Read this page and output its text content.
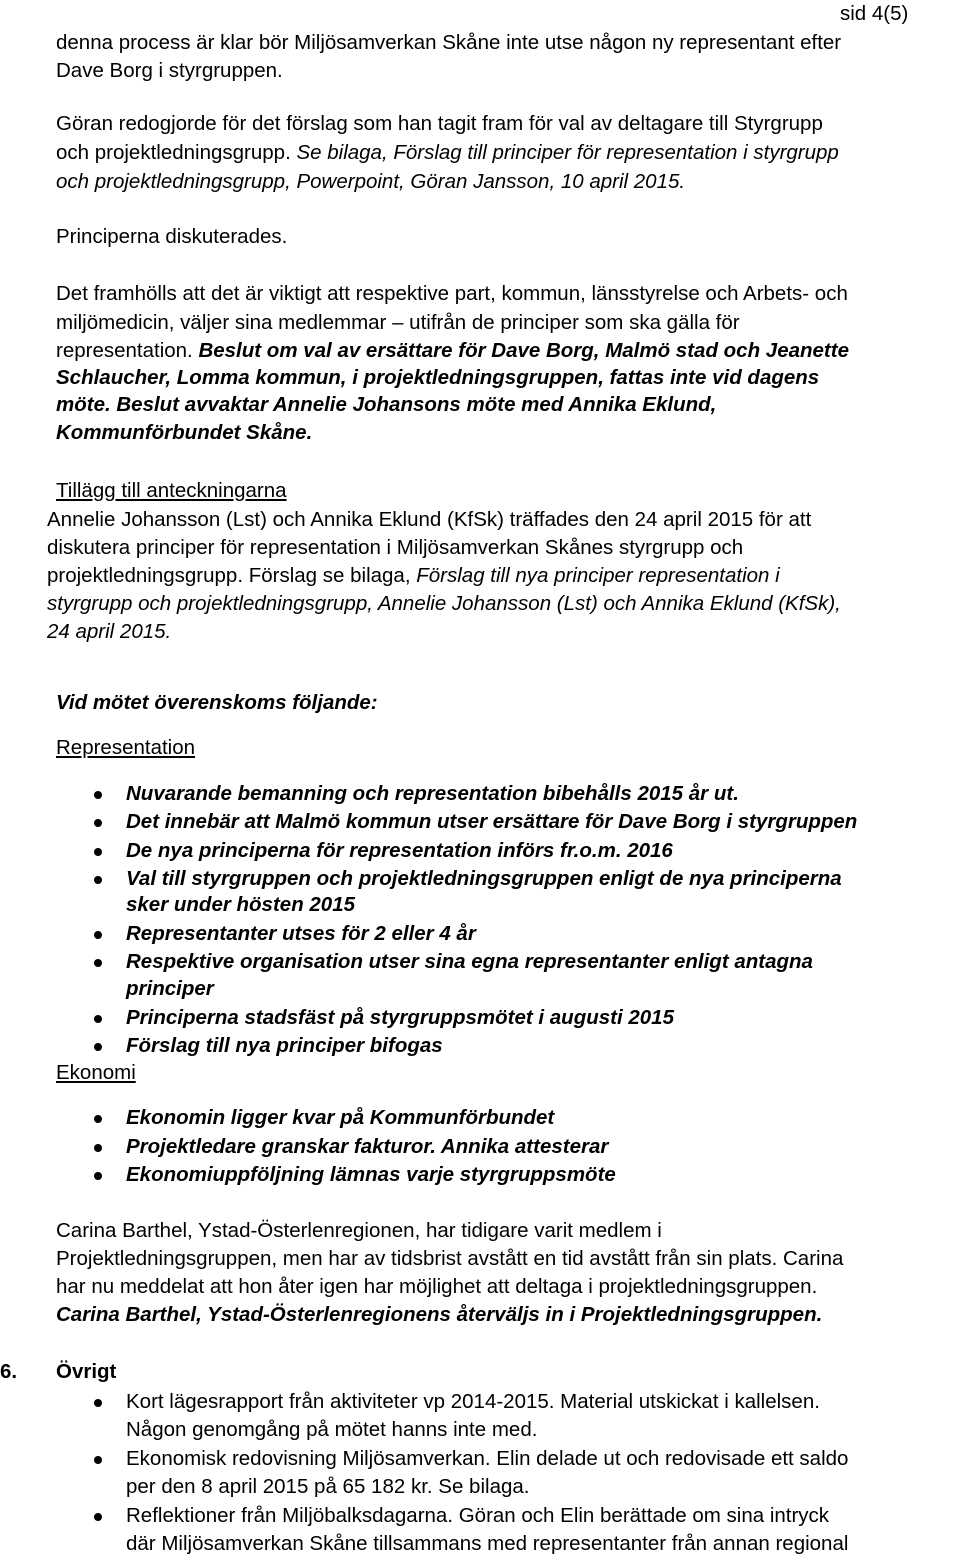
sid 4(5)
denna process är klar bör Miljösamverkan Skåne inte utse någon ny representant efter
Dave Borg i styrgruppen.
Göran redogjorde för det förslag som han tagit fram för val av deltagare till Styrgrupp
och projektledningsgrupp. Se bilaga, Förslag till principer för representation i styrgrupp
och projektledningsgrupp, Powerpoint, Göran Jansson, 10 april 2015.
Principerna diskuterades.
Det framhölls att det är viktigt att respektive part, kommun, länsstyrelse och Arbets- och
miljömedicin, väljer sina medlemmar – utifrån de principer som ska gälla för
representation. Beslut om val av ersättare för Dave Borg, Malmö stad och Jeanette
Schlaucher, Lomma kommun, i projektledningsgruppen, fattas inte vid dagens
möte. Beslut avvaktar Annelie Johansons möte med Annika Eklund,
Kommunförbundet Skåne.
Tillägg till anteckningarna
Annelie Johansson (Lst) och Annika Eklund (KfSk) träffades den 24 april 2015 för att
diskutera principer för representation i Miljösamverkan Skånes styrgrupp och
projektledningsgrupp. Förslag se bilaga, Förslag till nya principer representation i
styrgrupp och projektledningsgrupp, Annelie Johansson (Lst) och Annika Eklund (KfSk),
24 april 2015.
Vid mötet överenskoms följande:
Representation
Nuvarande bemanning och representation bibehålls 2015 år ut.
Det innebär att Malmö kommun utser ersättare för Dave Borg i styrgruppen
De nya principerna för representation införs fr.o.m. 2016
Val till styrgruppen och projektledningsgruppen enligt de nya principerna
sker under hösten 2015
Representanter utses för 2 eller 4 år
Respektive organisation utser sina egna representanter enligt antagna
principer
Principerna stadsfäst på styrgruppsmötet i augusti 2015
Förslag till nya principer bifogas
Ekonomi
Ekonomin ligger kvar på Kommunförbundet
Projektledare granskar fakturor. Annika attesterar
Ekonomiuppföljning lämnas varje styrgruppsmöte
Carina Barthel, Ystad-Österlenregionen, har tidigare varit medlem i
Projektledningsgruppen, men har av tidsbrist avstått en tid avstått från sin plats. Carina
har nu meddelat att hon åter igen har möjlighet att deltaga i projektledningsgruppen.
Carina Barthel, Ystad-Österlenregionens återväljs in i Projektledningsgruppen.
6. Övrigt
Kort lägesrapport från aktiviteter vp 2014-2015. Material utskickat i kallelsen.
Någon genomgång på mötet hanns inte med.
Ekonomisk redovisning Miljösamverkan. Elin delade ut och redovisade ett saldo
per den 8 april 2015 på 65 182 kr. Se bilaga.
Reflektioner från Miljöbalksdagarna. Göran och Elin berättade om sina intryck
där Miljösamverkan Skåne tillsammans med representanter från annan regional
